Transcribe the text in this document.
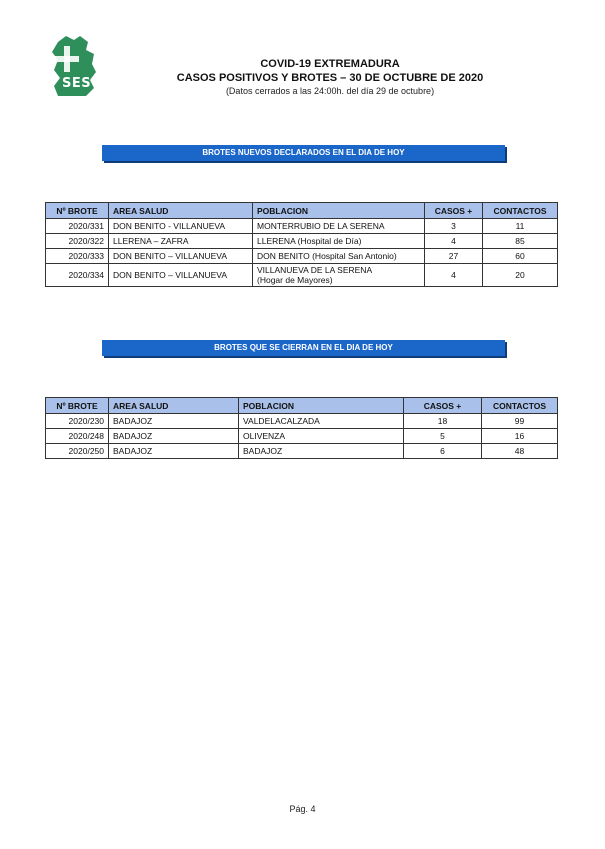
SES
COVID-19 EXTREMADURA
CASOS POSITIVOS Y BROTES – 30 DE OCTUBRE DE 2020
(Datos cerrados a las 24:00h. del día 29 de octubre)
BROTES NUEVOS DECLARADOS EN EL DIA DE HOY
Nº BROTE	AREA SALUD	POBLACION	CASOS +	CONTACTOS
2020/331	DON BENITO - VILLANUEVA	MONTERRUBIO DE LA SERENA	3	11
2020/322	LLERENA – ZAFRA	LLERENA (Hospital de Día)	4	85
2020/333	DON BENITO – VILLANUEVA	DON BENITO (Hospital San Antonio)	27	60
2020/334	DON BENITO – VILLANUEVA	VILLANUEVA DE LA SERENA
(Hogar de Mayores)	4	20
BROTES QUE SE CIERRAN EN EL DIA DE HOY
Nº BROTE	AREA SALUD	POBLACION	CASOS +	CONTACTOS
2020/230	BADAJOZ	VALDELACALZADA	18	99
2020/248	BADAJOZ	OLIVENZA	5	16
2020/250	BADAJOZ	BADAJOZ	6	48
Pág. 4
